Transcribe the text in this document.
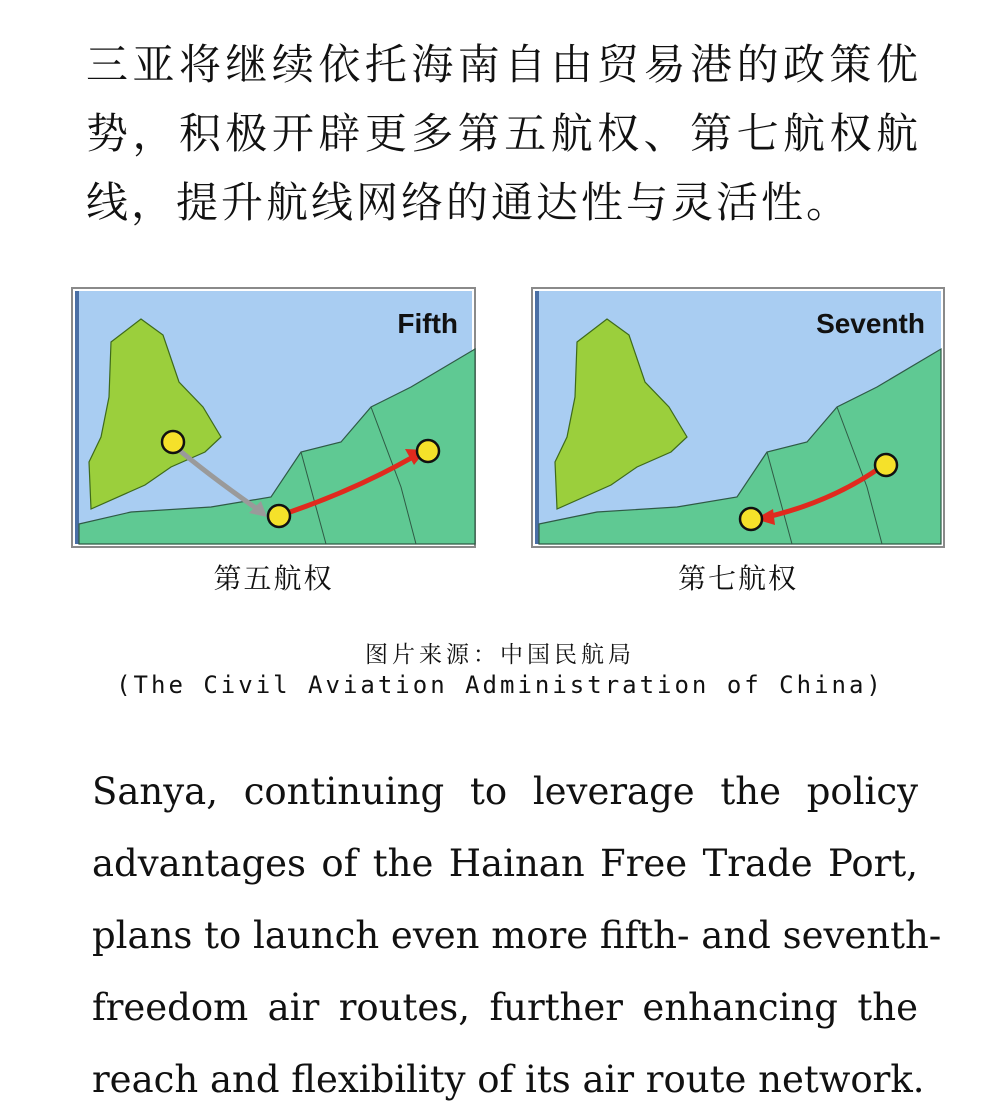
三亚将继续依托海南自由贸易港的政策优势，积极开辟更多第五航权、第七航权航线，提升航线网络的通达性与灵活性。
Fifth
第五航权
Seventh
第七航权
图片来源：中国民航局
(The Civil Aviation Administration of China)
Sanya, continuing to leverage the policy
advantages of the Hainan Free Trade Port,
plans to launch even more fifth- and seventh-
freedom air routes, further enhancing the
reach and flexibility of its air route network.
